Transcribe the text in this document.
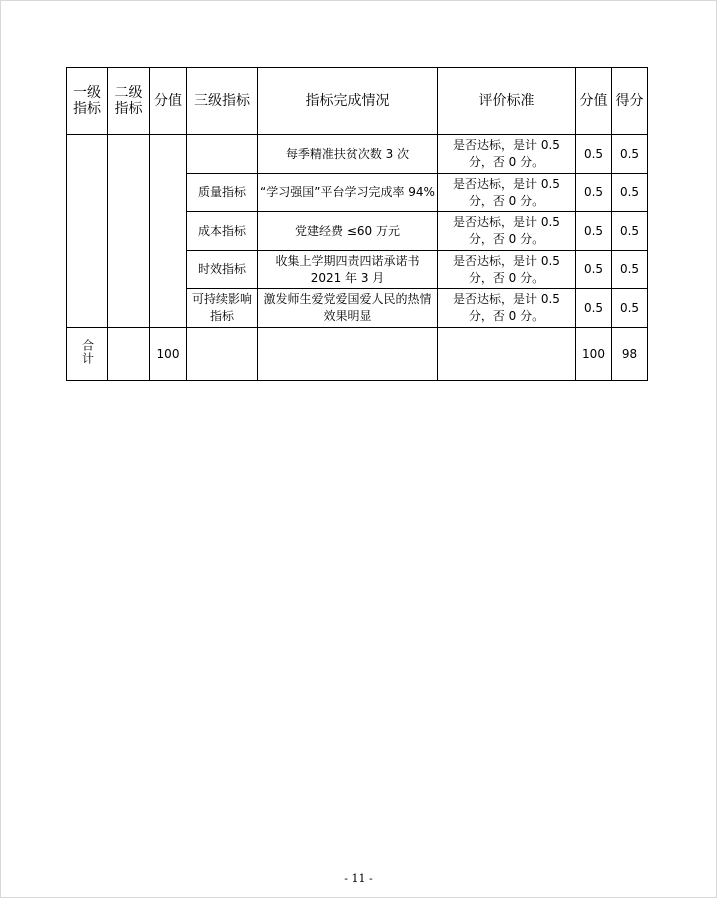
一级指标	二级指标	分值	三级指标	指标完成情况	评价标准	分值	得分
				每季精准扶贫次数 3 次	是否达标，是计 0.5 分，否 0 分。	0.5	0.5
			质量指标	“学习强国”平台学习完成率 94%	是否达标，是计 0.5 分，否 0 分。	0.5	0.5
			成本指标	党建经费 ≤60 万元	是否达标，是计 0.5 分，否 0 分。	0.5	0.5
			时效指标	收集上学期四责四诺承诺书 2021 年 3 月	是否达标，是计 0.5 分，否 0 分。	0.5	0.5
			可持续影响指标	激发师生爱党爱国爱人民的热情 效果明显	是否达标，是计 0.5 分，否 0 分。	0.5	0.5
合计		100				100	98
- 11 -
